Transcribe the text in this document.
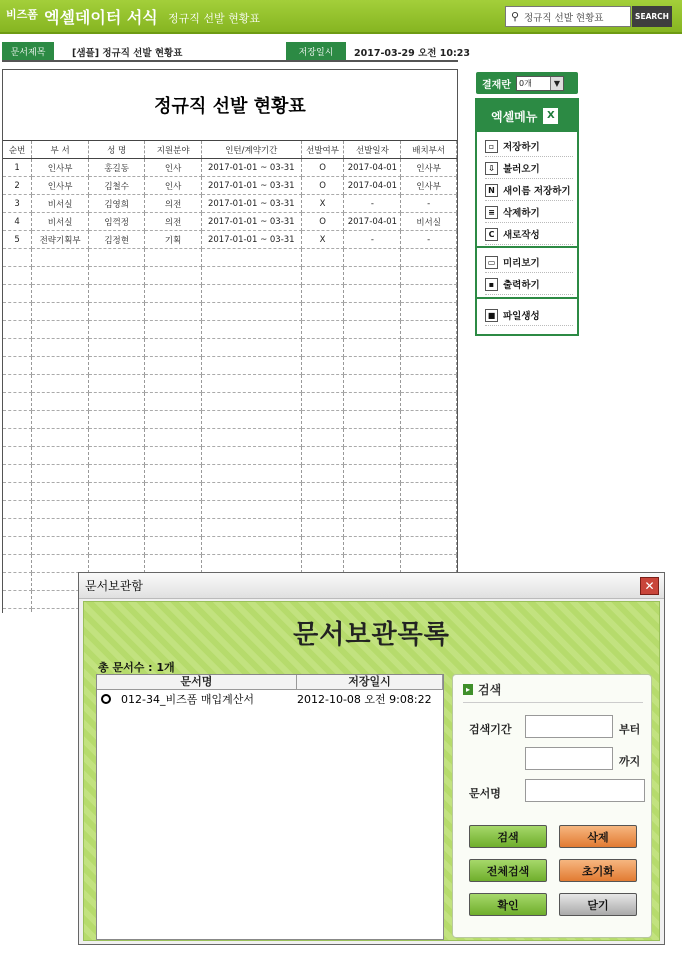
비즈폼 엑셀데이터 서식 정규직 선발 현황표	⚲ 정규직 선발 현황표	SEARCH
문서제목	[샘플] 정규직 선발 현황표	저장일시	2017-03-29 오전 10:23
정규직 선발 현황표
순번	부 서	성 명	지원분야	인턴/계약기간	선발여부	선발일자	배치부서
1	인사부	홍길동	인사	2017-01-01 ~ 03-31	O	2017-04-01	인사부
2	인사부	김철수	인사	2017-01-01 ~ 03-31	O	2017-04-01	인사부
3	비서실	김영희	의전	2017-01-01 ~ 03-31	X	-	-
4	비서실	임꺽정	의전	2017-01-01 ~ 03-31	O	2017-04-01	비서실
5	전략기획부	김정현	기획	2017-01-01 ~ 03-31	X	-	-

결재란 0개	▼
엑셀메뉴 X
▫ 저장하기
⇩ 불러오기
N 새이름 저장하기
≡ 삭제하기
C 새로작성
▭ 미리보기
▪ 출력하기
■ 파일생성
문서보관함	✕
문서보관목록
총 문서수 : 1개
문서명	저장일시
012-34_비즈폼 매입계산서	2012-10-08 오전 9:08:22
▸ 검색
검색기간	부터
까지
문서명
검색	삭제
전체검색	초기화
확인	닫기
